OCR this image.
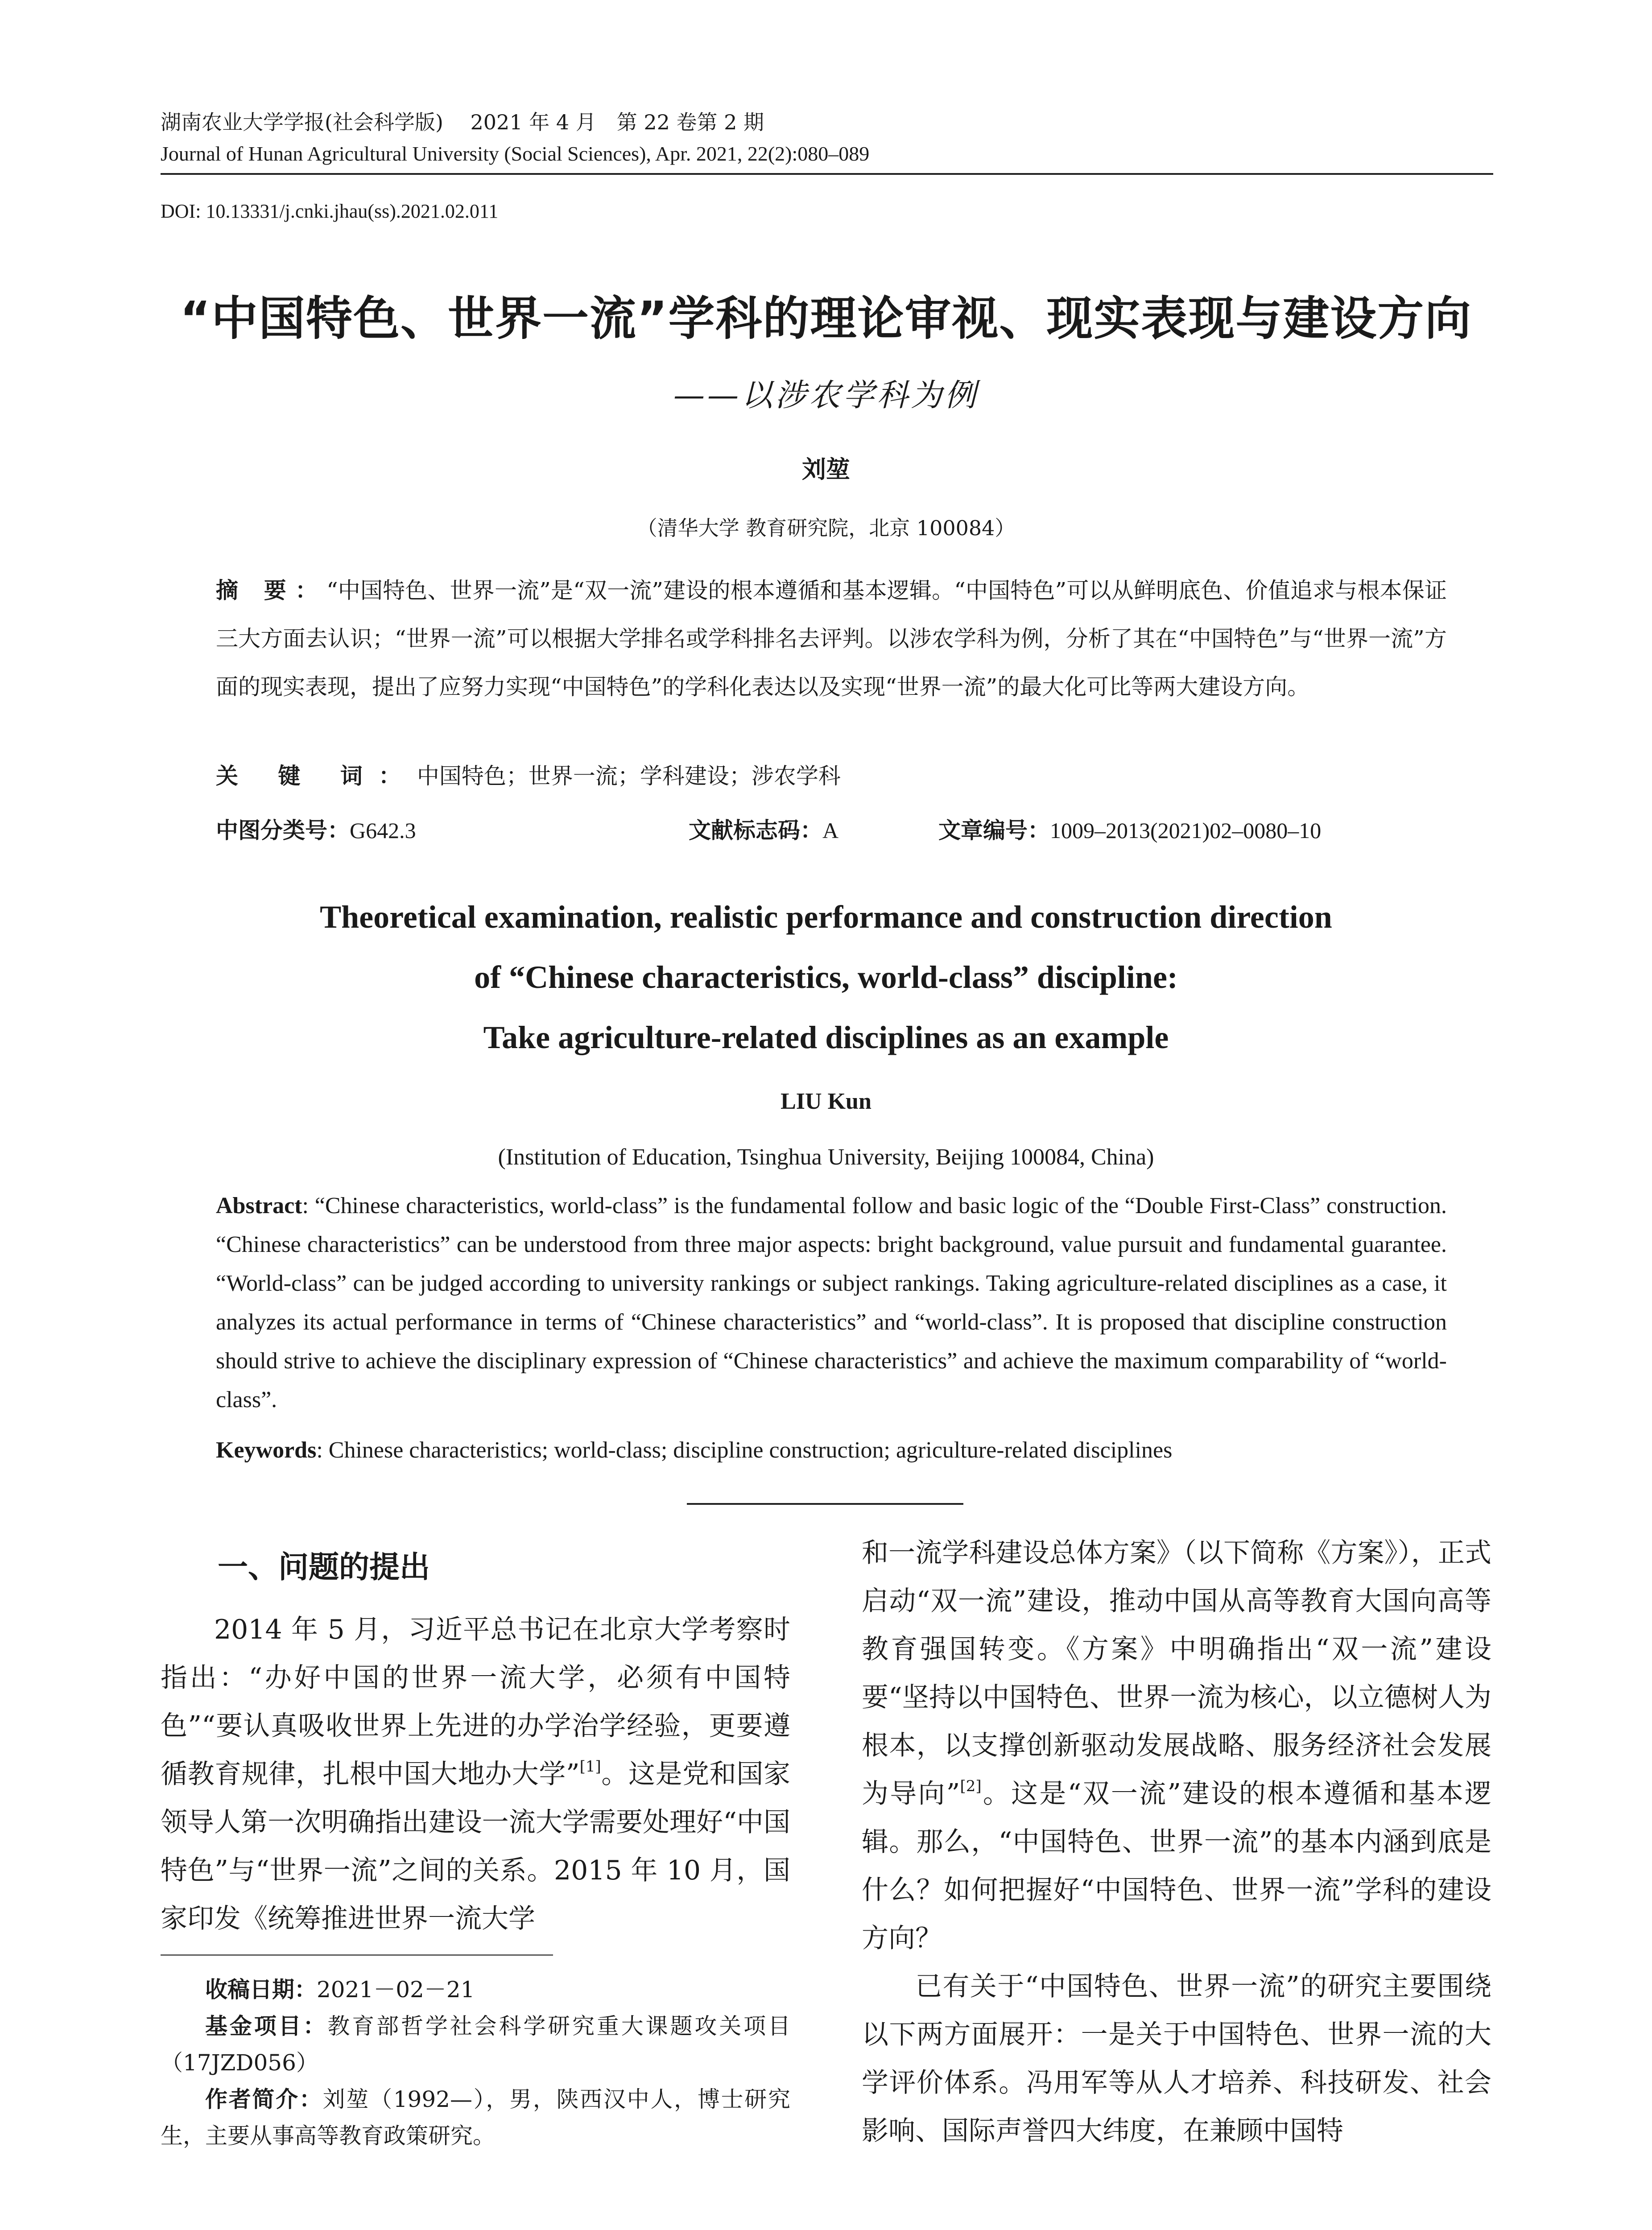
湖南农业大学学报(社会科学版)　 2021 年 4 月　第 22 卷第 2 期
Journal of Hunan Agricultural University (Social Sciences), Apr. 2021, 22(2):080–089
DOI: 10.13331/j.cnki.jhau(ss).2021.02.011
“中国特色、世界一流”学科的理论审视、现实表现与建设方向
——以涉农学科为例
刘堃
（清华大学 教育研究院，北京 100084）
摘 要：“中国特色、世界一流”是“双一流”建设的根本遵循和基本逻辑。“中国特色”可以从鲜明底色、价值追求与根本保证三大方面去认识；“世界一流”可以根据大学排名或学科排名去评判。以涉农学科为例，分析了其在“中国特色”与“世界一流”方面的现实表现，提出了应努力实现“中国特色”的学科化表达以及实现“世界一流”的最大化可比等两大建设方向。
关 键 词：中国特色；世界一流；学科建设；涉农学科
中图分类号：G642.3	文献标志码：A	文章编号：1009–2013(2021)02–0080–10
Theoretical examination, realistic performance and construction direction
of “Chinese characteristics, world-class” discipline:
Take agriculture-related disciplines as an example
LIU Kun
(Institution of Education, Tsinghua University, Beijing 100084, China)
Abstract: “Chinese characteristics, world-class” is the fundamental follow and basic logic of the “Double First-Class” construction. “Chinese characteristics” can be understood from three major aspects: bright background, value pursuit and fundamental guarantee. “World-class” can be judged according to university rankings or subject rankings. Taking agriculture-related disciplines as a case, it analyzes its actual performance in terms of “Chinese characteristics” and “world-class”. It is proposed that discipline construction should strive to achieve the disciplinary expression of “Chinese characteristics” and achieve the maximum comparability of “world-class”.
Keywords: Chinese characteristics; world-class; discipline construction; agriculture-related disciplines
一、问题的提出

2014 年 5 月，习近平总书记在北京大学考察时指出：“办好中国的世界一流大学，必须有中国特色”“要认真吸收世界上先进的办学治学经验，更要遵循教育规律，扎根中国大地办大学”[1]。这是党和国家领导人第一次明确指出建设一流大学需要处理好“中国特色”与“世界一流”之间的关系。2015 年 10 月，国家印发《统筹推进世界一流大学

和一流学科建设总体方案》（以下简称《方案》），正式启动“双一流”建设，推动中国从高等教育大国向高等教育强国转变。《方案》中明确指出“双一流”建设要“坚持以中国特色、世界一流为核心，以立德树人为根本，以支撑创新驱动发展战略、服务经济社会发展为导向”[2]。这是“双一流”建设的根本遵循和基本逻辑。那么，“中国特色、世界一流”的基本内涵到底是什么？如何把握好“中国特色、世界一流”学科的建设方向？

已有关于“中国特色、世界一流”的研究主要围绕以下两方面展开：一是关于中国特色、世界一流的大学评价体系。冯用军等从人才培养、科技研发、社会影响、国际声誉四大纬度，在兼顾中国特

收稿日期：2021－02－21
基金项目：教育部哲学社会科学研究重大课题攻关项目（17JZD056）
作者简介：刘堃（1992—），男，陕西汉中人，博士研究生，主要从事高等教育政策研究。
